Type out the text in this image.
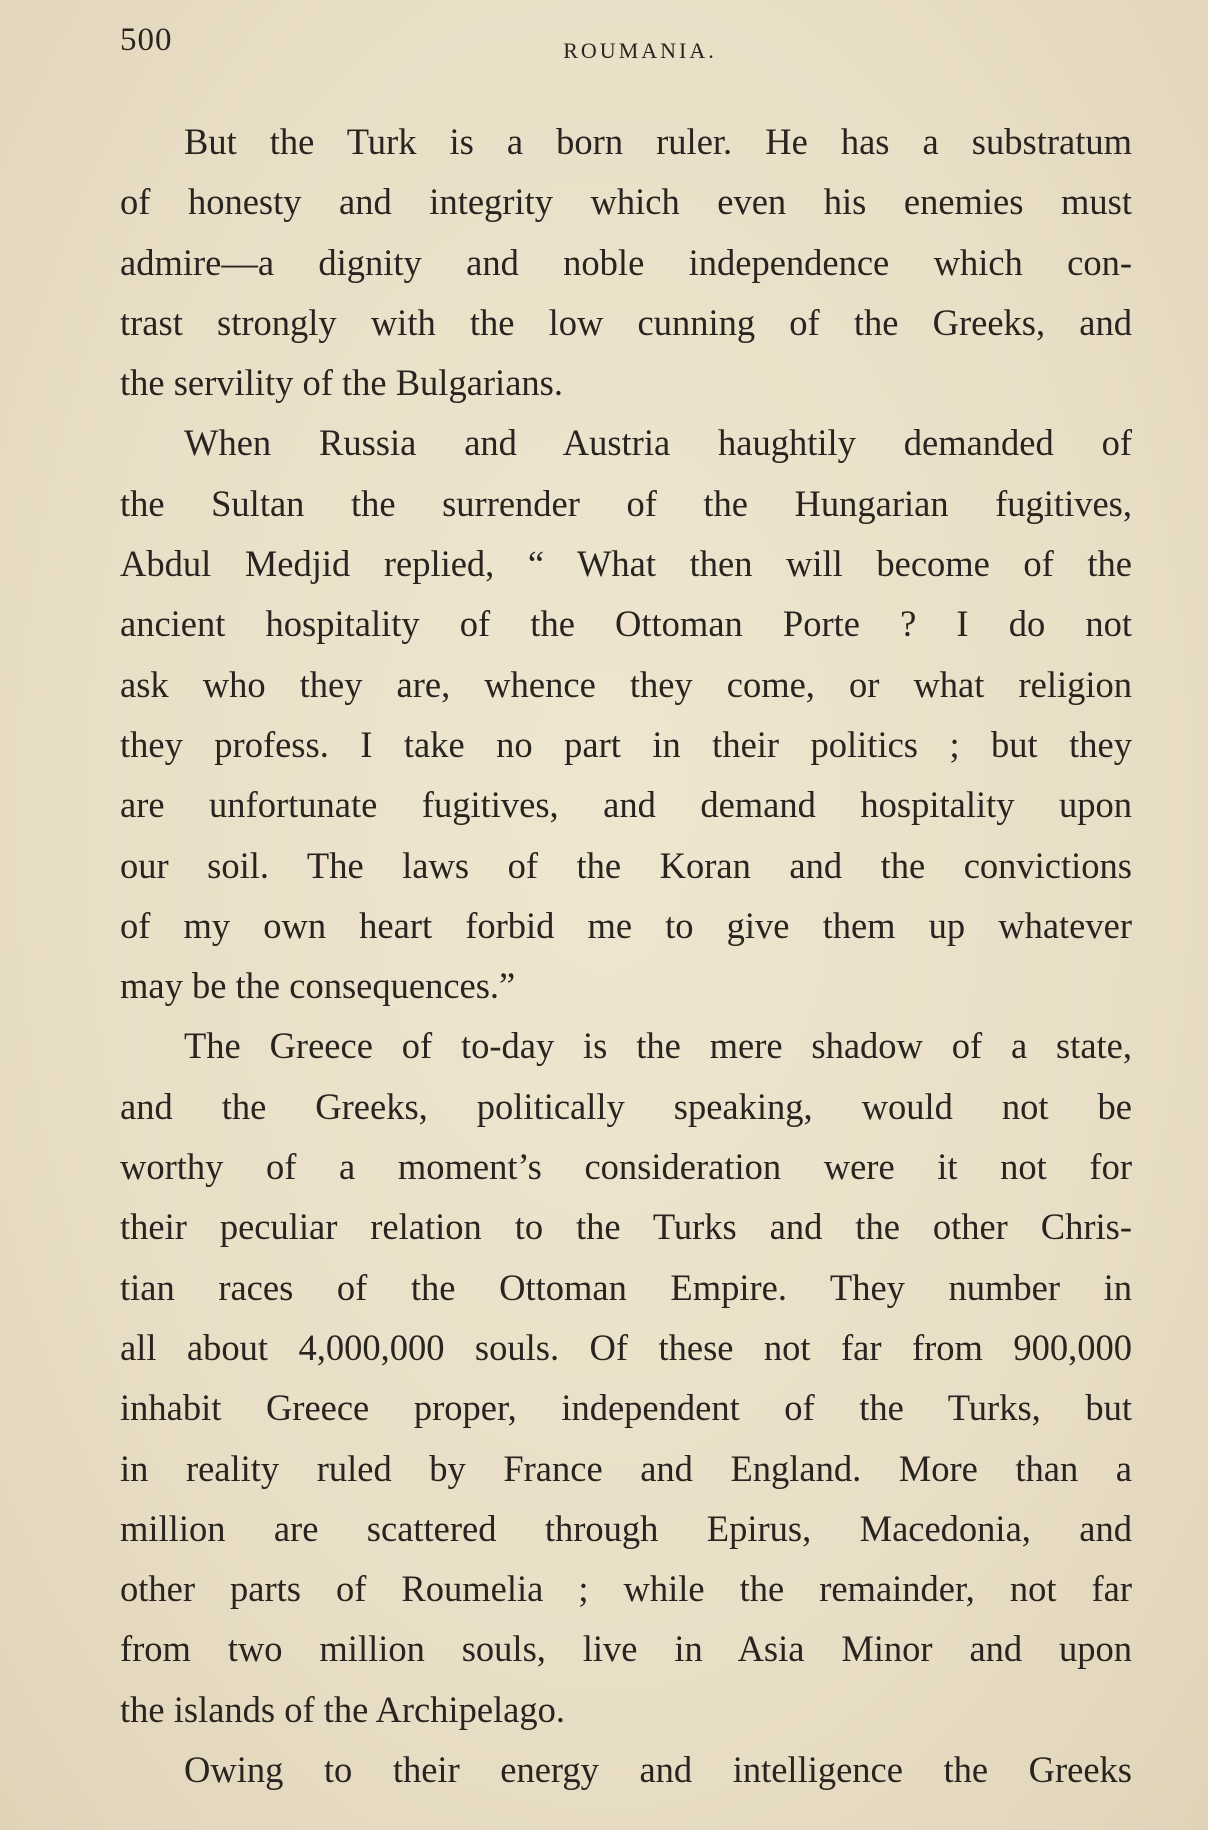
500	ROUMANIA.
But the Turk is a born ruler. He has a substratum
of honesty and integrity which even his enemies must
admire—a dignity and noble independence which con-
trast strongly with the low cunning of the Greeks, and
the servility of the Bulgarians.
When Russia and Austria haughtily demanded of
the Sultan the surrender of the Hungarian fugitives,
Abdul Medjid replied, “ What then will become of the
ancient hospitality of the Ottoman Porte ? I do not
ask who they are, whence they come, or what religion
they profess. I take no part in their politics ; but they
are unfortunate fugitives, and demand hospitality upon
our soil. The laws of the Koran and the convictions
of my own heart forbid me to give them up whatever
may be the consequences.”
The Greece of to-day is the mere shadow of a state,
and the Greeks, politically speaking, would not be
worthy of a moment’s consideration were it not for
their peculiar relation to the Turks and the other Chris-
tian races of the Ottoman Empire. They number in
all about 4,000,000 souls. Of these not far from 900,000
inhabit Greece proper, independent of the Turks, but
in reality ruled by France and England. More than a
million are scattered through Epirus, Macedonia, and
other parts of Roumelia ; while the remainder, not far
from two million souls, live in Asia Minor and upon
the islands of the Archipelago.
Owing to their energy and intelligence the Greeks
